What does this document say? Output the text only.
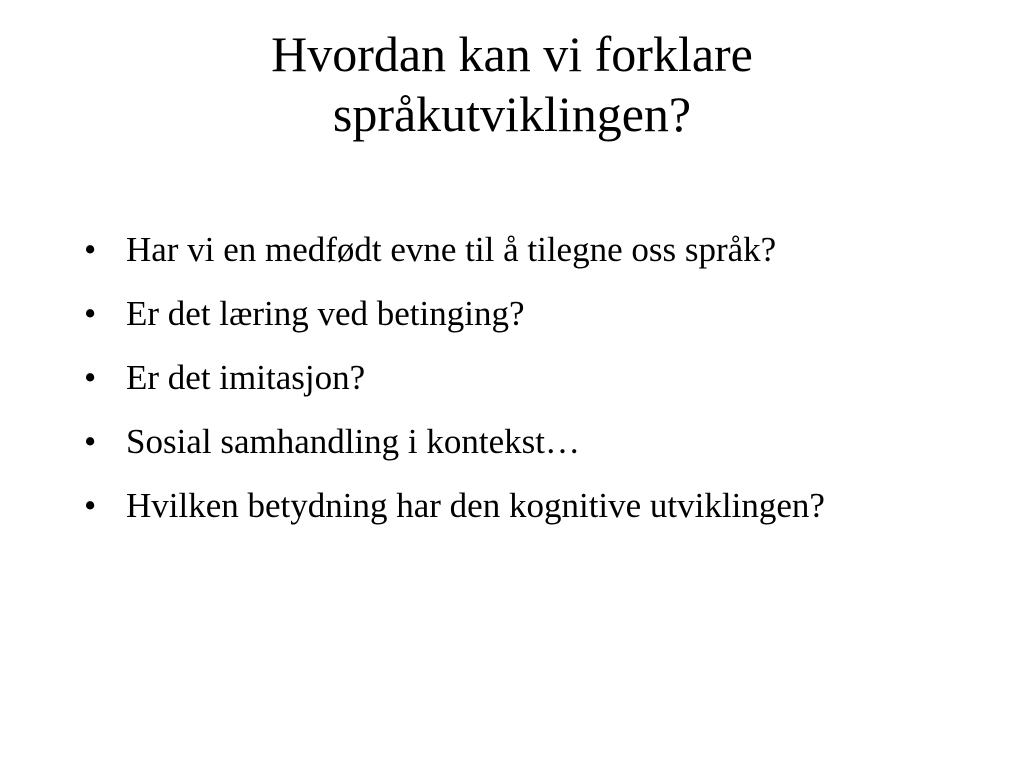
Hvordan kan vi forklare språkutviklingen?
• Har vi en medfødt evne til å tilegne oss språk?
• Er det læring ved betinging?
• Er det imitasjon?
• Sosial samhandling i kontekst…
• Hvilken betydning har den kognitive utviklingen?
